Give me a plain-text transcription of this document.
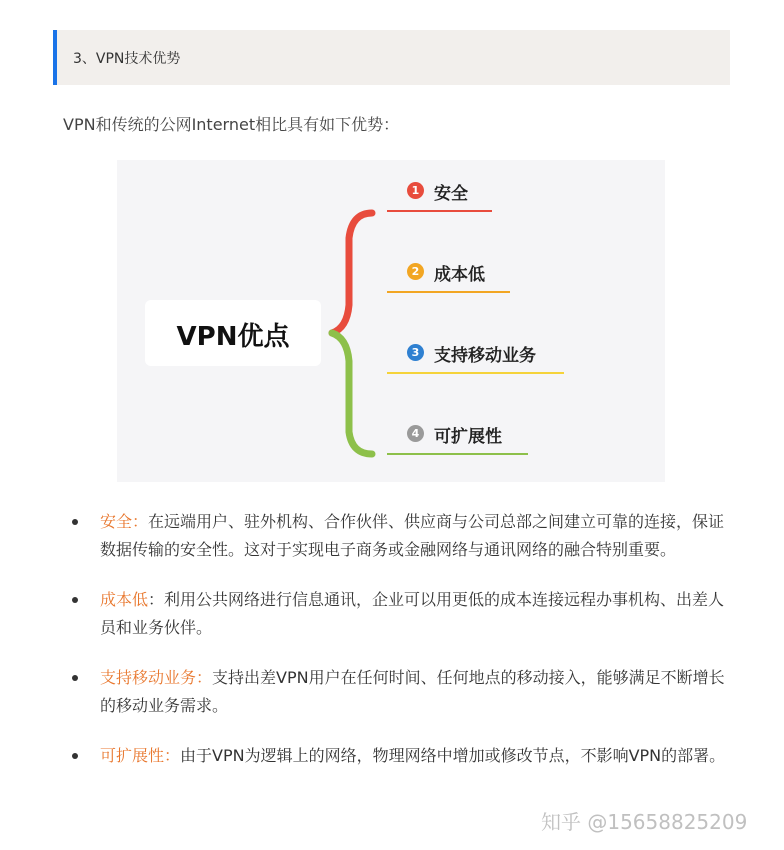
3、VPN技术优势
VPN和传统的公网Internet相比具有如下优势：
VPN优点
1 安全
2 成本低
3 支持移动业务
4 可扩展性

安全：在远端用户、驻外机构、合作伙伴、供应商与公司总部之间建立可靠的连接，保证数据传输的安全性。这对于实现电子商务或金融网络与通讯网络的融合特别重要。

成本低：利用公共网络进行信息通讯，企业可以用更低的成本连接远程办事机构、出差人员和业务伙伴。

支持移动业务：支持出差VPN用户在任何时间、任何地点的移动接入，能够满足不断增长的移动业务需求。

可扩展性：由于VPN为逻辑上的网络，物理网络中增加或修改节点，不影响VPN的部署。

知乎 @15658825209
